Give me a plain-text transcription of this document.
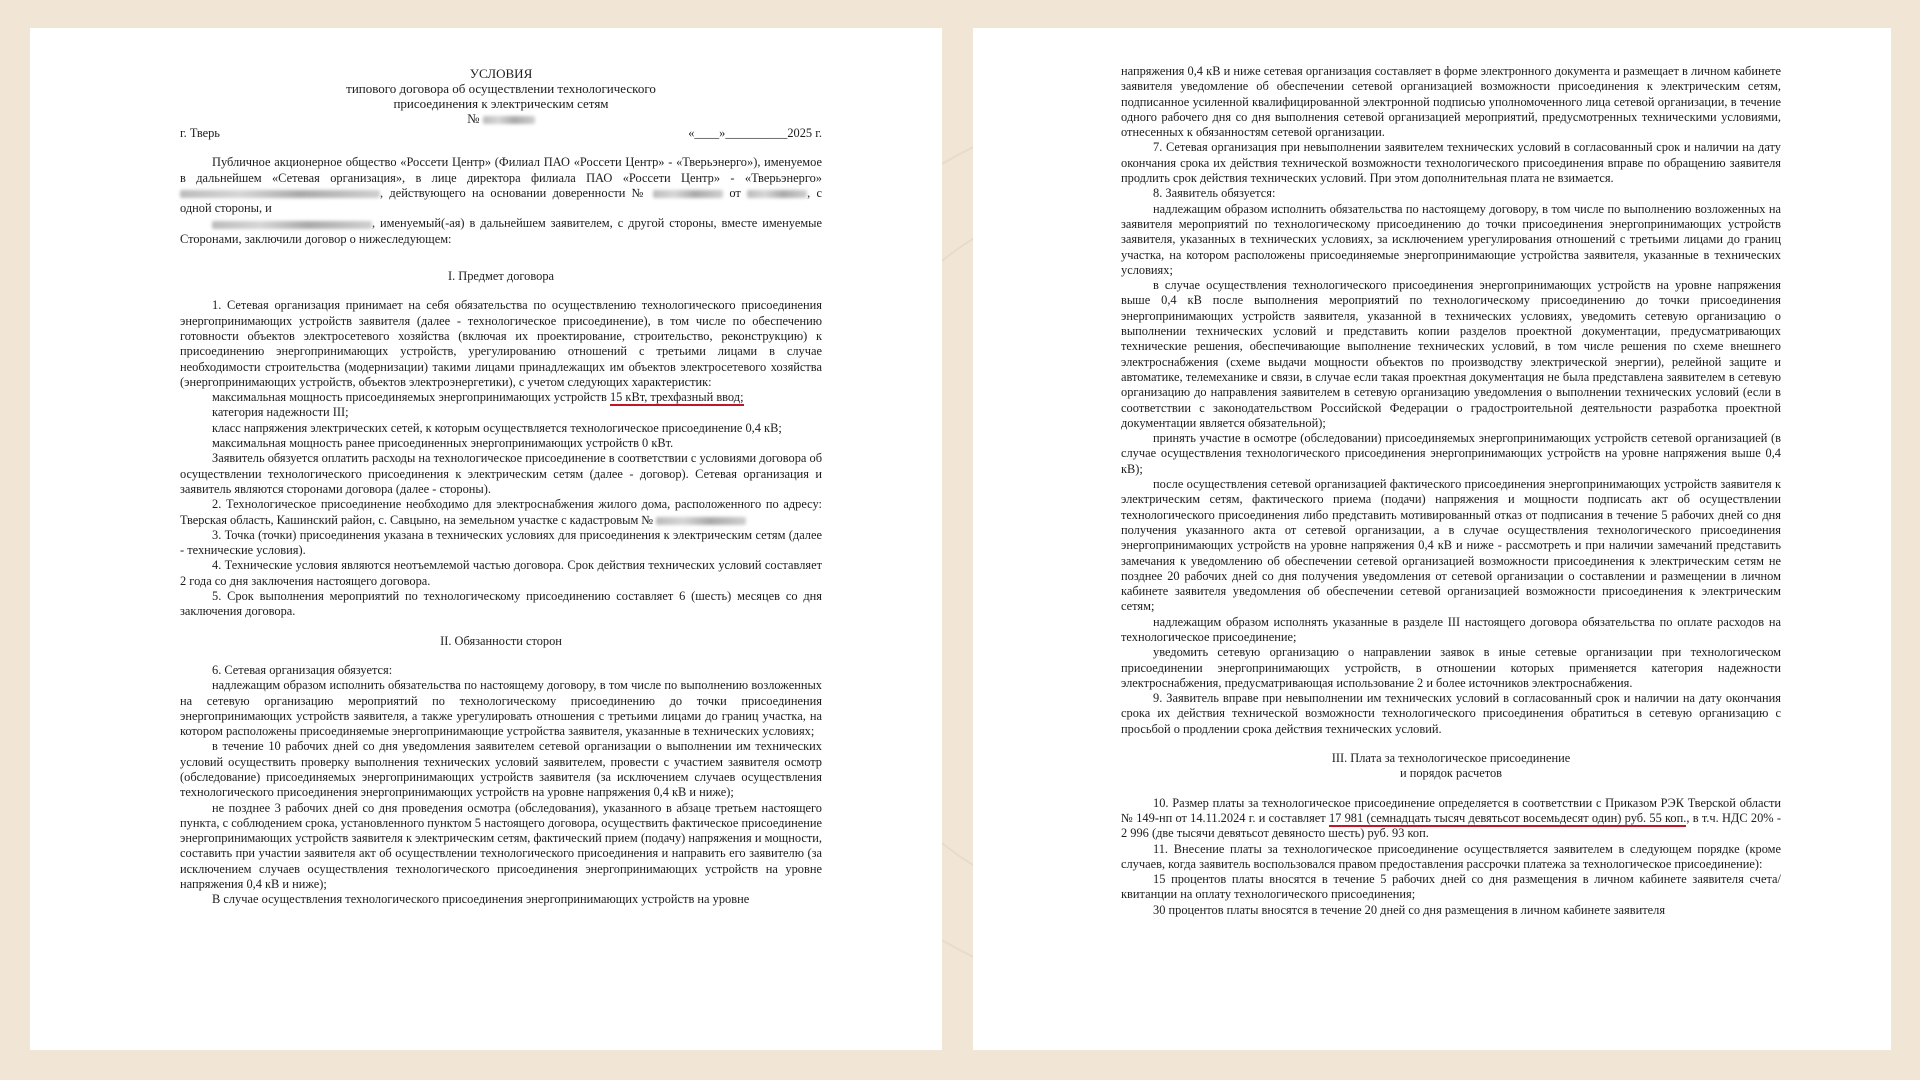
УСЛОВИЯ

типового договора об осуществлении технологического

присоединения к электрическим сетям

№

г. Тверь	«____»__________2025 г.

Публичное акционерное общество «Россети Центр» (Филиал ПАО «Россети Центр» - «Тверьэнерго»), именуемое в дальнейшем «Сетевая организация», в лице директора филиала ПАО «Россети Центр» - «Тверьэнерго» , действующего на основании доверенности №	от	, с одной стороны, и
, именуемый(-ая) в дальнейшем заявителем, с другой стороны, вместе именуемые Сторонами, заключили договор о нижеследующем:

I. Предмет договора

1. Сетевая организация принимает на себя обязательства по осуществлению технологического присоединения энергопринимающих устройств заявителя (далее - технологическое присоединение), в том числе по обеспечению готовности объектов электросетевого хозяйства (включая их проектирование, строительство, реконструкцию) к присоединению энергопринимающих устройств, урегулированию отношений с третьими лицами в случае необходимости строительства (модернизации) такими лицами принадлежащих им объектов электросетевого хозяйства (энергопринимающих устройств, объектов электроэнергетики), с учетом следующих характеристик:

максимальная мощность присоединяемых энергопринимающих устройств 15 кВт, трехфазный ввод;

категория надежности III;

класс напряжения электрических сетей, к которым осуществляется технологическое присоединение 0,4 кВ;

максимальная мощность ранее присоединенных энергопринимающих устройств 0 кВт.

Заявитель обязуется оплатить расходы на технологическое присоединение в соответствии с условиями договора об осуществлении технологического присоединения к электрическим сетям (далее - договор). Сетевая организация и заявитель являются сторонами договора (далее - стороны).

2. Технологическое присоединение необходимо для электроснабжения жилого дома, расположенного по адресу: Тверская область, Кашинский район, с. Савцыно, на земельном участке с кадастровым №

3. Точка (точки) присоединения указана в технических условиях для присоединения к электрическим сетям (далее - технические условия).

4. Технические условия являются неотъемлемой частью договора. Срок действия технических условий составляет 2 года со дня заключения настоящего договора.

5. Срок выполнения мероприятий по технологическому присоединению составляет 6 (шесть) месяцев со дня заключения договора.

II. Обязанности сторон

6. Сетевая организация обязуется:

надлежащим образом исполнить обязательства по настоящему договору, в том числе по выполнению возложенных на сетевую организацию мероприятий по технологическому присоединению до точки присоединения энергопринимающих устройств заявителя, а также урегулировать отношения с третьими лицами до границ участка, на котором расположены присоединяемые энергопринимающие устройства заявителя, указанные в технических условиях;

в течение 10 рабочих дней со дня уведомления заявителем сетевой организации о выполнении им технических условий осуществить проверку выполнения технических условий заявителем, провести с участием заявителя осмотр (обследование) присоединяемых энергопринимающих устройств заявителя (за исключением случаев осуществления технологического присоединения энергопринимающих устройств на уровне напряжения 0,4 кВ и ниже);

не позднее 3 рабочих дней со дня проведения осмотра (обследования), указанного в абзаце третьем настоящего пункта, с соблюдением срока, установленного пунктом 5 настоящего договора, осуществить фактическое присоединение энергопринимающих устройств заявителя к электрическим сетям, фактический прием (подачу) напряжения и мощности, составить при участии заявителя акт об осуществлении технологического присоединения и направить его заявителю (за исключением случаев осуществления технологического присоединения энергопринимающих устройств на уровне напряжения 0,4 кВ и ниже);

В случае осуществления технологического присоединения энергопринимающих устройств на уровне

напряжения 0,4 кВ и ниже сетевая организация составляет в форме электронного документа и размещает в личном кабинете заявителя уведомление об обеспечении сетевой организацией возможности присоединения к электрическим сетям, подписанное усиленной квалифицированной электронной подписью уполномоченного лица сетевой организации, в течение одного рабочего дня со дня выполнения сетевой организацией мероприятий, предусмотренных техническими условиями, отнесенных к обязанностям сетевой организации.

7. Сетевая организация при невыполнении заявителем технических условий в согласованный срок и наличии на дату окончания срока их действия технической возможности технологического присоединения вправе по обращению заявителя продлить срок действия технических условий. При этом дополнительная плата не взимается.

8. Заявитель обязуется:

надлежащим образом исполнить обязательства по настоящему договору, в том числе по выполнению возложенных на заявителя мероприятий по технологическому присоединению до точки присоединения энергопринимающих устройств заявителя, указанных в технических условиях, за исключением урегулирования отношений с третьими лицами до границ участка, на котором расположены присоединяемые энергопринимающие устройства заявителя, указанные в технических условиях;

в случае осуществления технологического присоединения энергопринимающих устройств на уровне напряжения выше 0,4 кВ после выполнения мероприятий по технологическому присоединению до точки присоединения энергопринимающих устройств заявителя, указанной в технических условиях, уведомить сетевую организацию о выполнении технических условий и представить копии разделов проектной документации, предусматривающих технические решения, обеспечивающие выполнение технических условий, в том числе решения по схеме внешнего электроснабжения (схеме выдачи мощности объектов по производству электрической энергии), релейной защите и автоматике, телемеханике и связи, в случае если такая проектная документация не была представлена заявителем в сетевую организацию до направления заявителем в сетевую организацию уведомления о выполнении технических условий (если в соответствии с законодательством Российской Федерации о градостроительной деятельности разработка проектной документации является обязательной);

принять участие в осмотре (обследовании) присоединяемых энергопринимающих устройств сетевой организацией (в случае осуществления технологического присоединения энергопринимающих устройств на уровне напряжения выше 0,4 кВ);

после осуществления сетевой организацией фактического присоединения энергопринимающих устройств заявителя к электрическим сетям, фактического приема (подачи) напряжения и мощности подписать акт об осуществлении технологического присоединения либо представить мотивированный отказ от подписания в течение 5 рабочих дней со дня получения указанного акта от сетевой организации, а в случае осуществления технологического присоединения энергопринимающих устройств на уровне напряжения 0,4 кВ и ниже - рассмотреть и при наличии замечаний представить замечания к уведомлению об обеспечении сетевой организацией возможности присоединения к электрическим сетям не позднее 20 рабочих дней со дня получения уведомления от сетевой организации о составлении и размещении в личном кабинете заявителя уведомления об обеспечении сетевой организацией возможности присоединения к электрическим сетям;

надлежащим образом исполнять указанные в разделе III настоящего договора обязательства по оплате расходов на технологическое присоединение;

уведомить сетевую организацию о направлении заявок в иные сетевые организации при технологическом присоединении энергопринимающих устройств, в отношении которых применяется категория надежности электроснабжения, предусматривающая использование 2 и более источников электроснабжения.

9. Заявитель вправе при невыполнении им технических условий в согласованный срок и наличии на дату окончания срока их действия технической возможности технологического присоединения обратиться в сетевую организацию с просьбой о продлении срока действия технических условий.

III. Плата за технологическое присоединение

и порядок расчетов

10. Размер платы за технологическое присоединение определяется в соответствии с Приказом РЭК Тверской области № 149-нп от 14.11.2024 г. и составляет 17 981 (семнадцать тысяч девятьсот восемьдесят один) руб. 55 коп., в т.ч. НДС 20% - 2 996 (две тысячи девятьсот девяносто шесть) руб. 93 коп.

11. Внесение платы за технологическое присоединение осуществляется заявителем в следующем порядке (кроме случаев, когда заявитель воспользовался правом предоставления рассрочки платежа за технологическое присоединение):

15 процентов платы вносятся в течение 5 рабочих дней со дня размещения в личном кабинете заявителя счета/квитанции на оплату технологического присоединения;

30 процентов платы вносятся в течение 20 дней со дня размещения в личном кабинете заявителя
